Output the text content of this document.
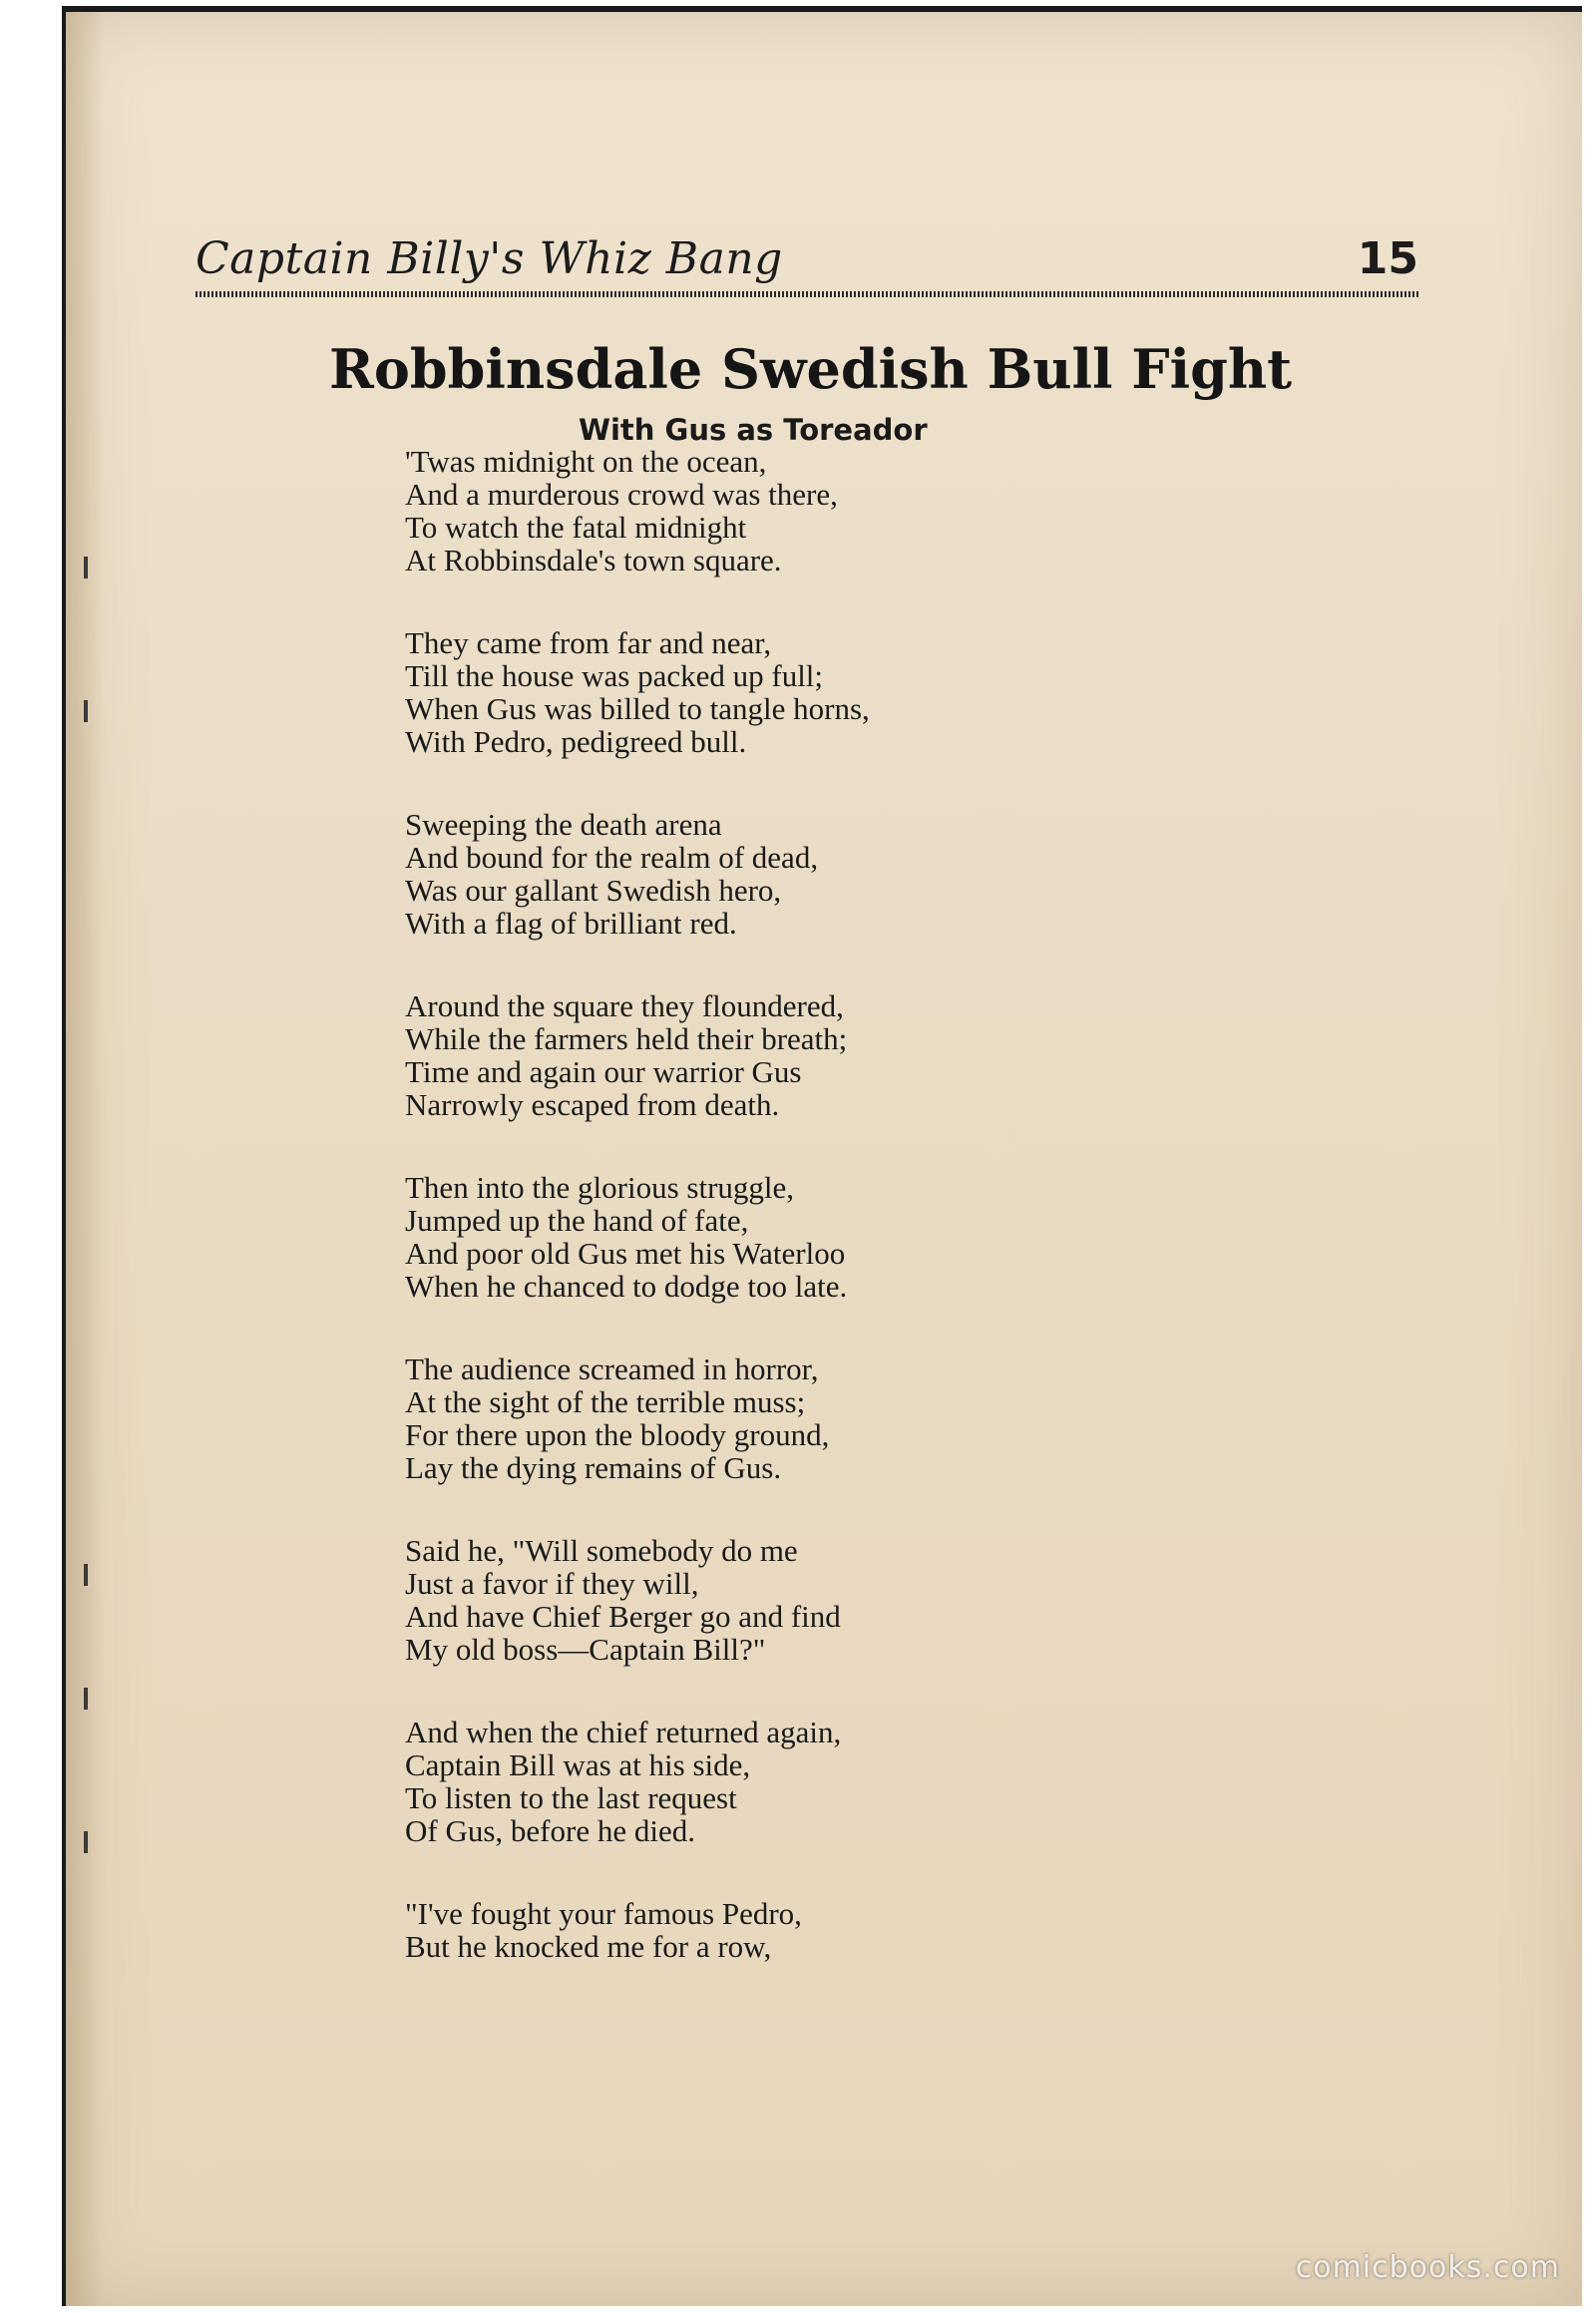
Captain Billy's Whiz Bang	15
Robbinsdale Swedish Bull Fight
With Gus as Toreador
'Twas midnight on the ocean,
And a murderous crowd was there,
To watch the fatal midnight
At Robbinsdale's town square.
They came from far and near,
Till the house was packed up full;
When Gus was billed to tangle horns,
With Pedro, pedigreed bull.
Sweeping the death arena
And bound for the realm of dead,
Was our gallant Swedish hero,
With a flag of brilliant red.
Around the square they floundered,
While the farmers held their breath;
Time and again our warrior Gus
Narrowly escaped from death.
Then into the glorious struggle,
Jumped up the hand of fate,
And poor old Gus met his Waterloo
When he chanced to dodge too late.
The audience screamed in horror,
At the sight of the terrible muss;
For there upon the bloody ground,
Lay the dying remains of Gus.
Said he, "Will somebody do me
Just a favor if they will,
And have Chief Berger go and find
My old boss—Captain Bill?"
And when the chief returned again,
Captain Bill was at his side,
To listen to the last request
Of Gus, before he died.
"I've fought your famous Pedro,
But he knocked me for a row,
comicbooks.com
